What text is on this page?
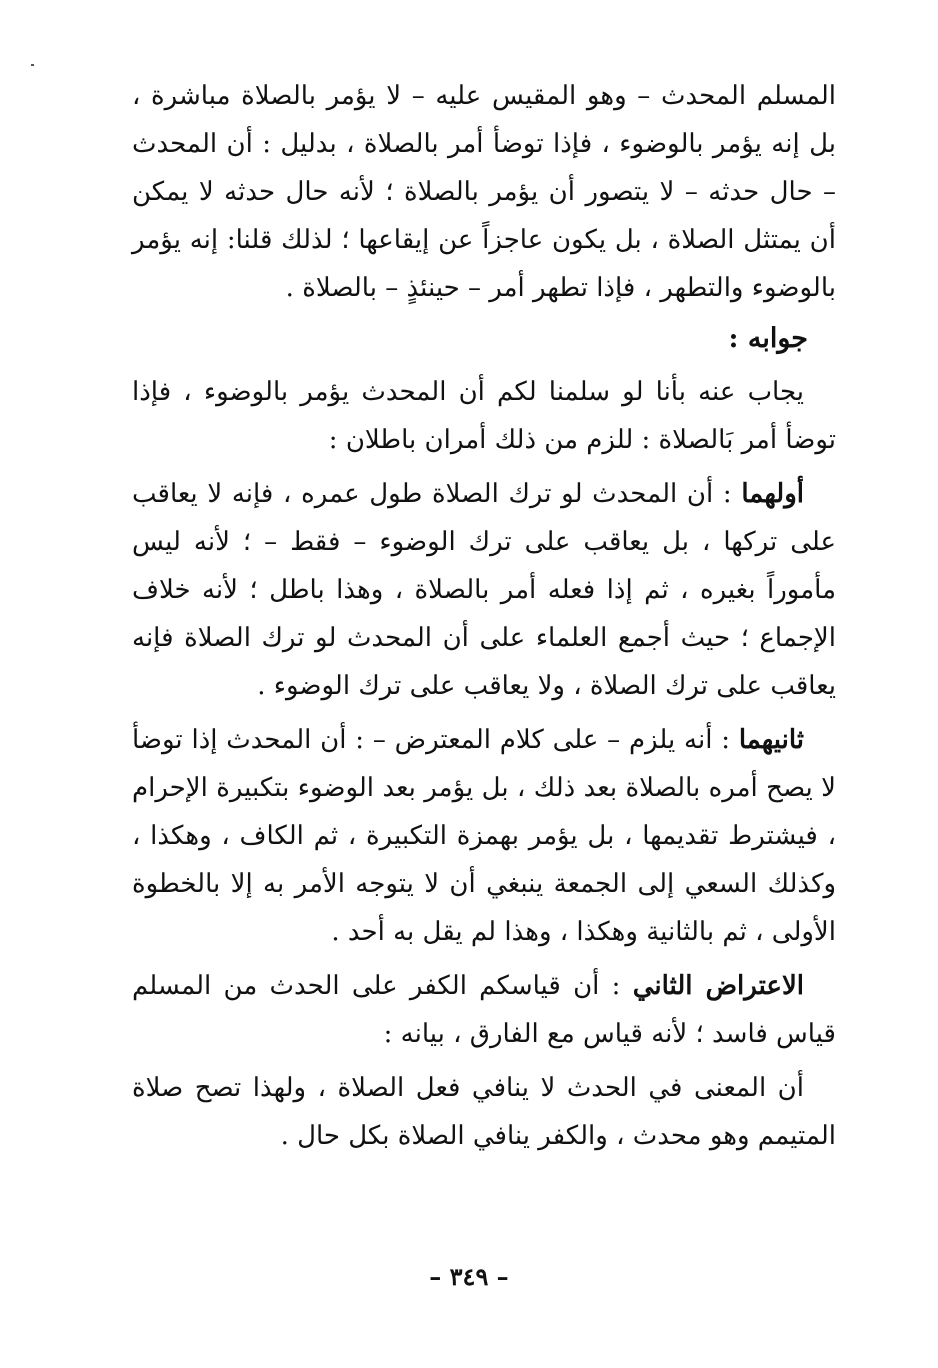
المسلم المحدث – وهو المقيس عليه – لا يؤمر بالصلاة مباشرة ، بل إنه يؤمر بالوضوء ، فإذا توضأ أمر بالصلاة ، بدليل : أن المحدث – حال حدثه – لا يتصور أن يؤمر بالصلاة ؛ لأنه حال حدثه لا يمكن أن يمتثل الصلاة ، بل يكون عاجزاً عن إيقاعها ؛ لذلك قلنا: إنه يؤمر بالوضوء والتطهر ، فإذا تطهر أمر – حينئذٍ – بالصلاة .

جوابه :

يجاب عنه بأنا لو سلمنا لكم أن المحدث يؤمر بالوضوء ، فإذا توضأ أمر بَالصلاة : للزم من ذلك أمران باطلان :

أولهما : أن المحدث لو ترك الصلاة طول عمره ، فإنه لا يعاقب على تركها ، بل يعاقب على ترك الوضوء – فقط – ؛ لأنه ليس مأموراً بغيره ، ثم إذا فعله أمر بالصلاة ، وهذا باطل ؛ لأنه خلاف الإجماع ؛ حيث أجمع العلماء على أن المحدث لو ترك الصلاة فإنه يعاقب على ترك الصلاة ، ولا يعاقب على ترك الوضوء .

ثانيهما : أنه يلزم – على كلام المعترض – : أن المحدث إذا توضأ لا يصح أمره بالصلاة بعد ذلك ، بل يؤمر بعد الوضوء بتكبيرة الإحرام ، فيشترط تقديمها ، بل يؤمر بهمزة التكبيرة ، ثم الكاف ، وهكذا ، وكذلك السعي إلى الجمعة ينبغي أن لا يتوجه الأمر به إلا بالخطوة الأولى ، ثم بالثانية وهكذا ، وهذا لم يقل به أحد .

الاعتراض الثاني : أن قياسكم الكفر على الحدث من المسلم قياس فاسد ؛ لأنه قياس مع الفارق ، بيانه :

أن المعنى في الحدث لا ينافي فعل الصلاة ، ولهذا تصح صلاة المتيمم وهو محدث ، والكفر ينافي الصلاة بكل حال .

– ٣٤٩ –
